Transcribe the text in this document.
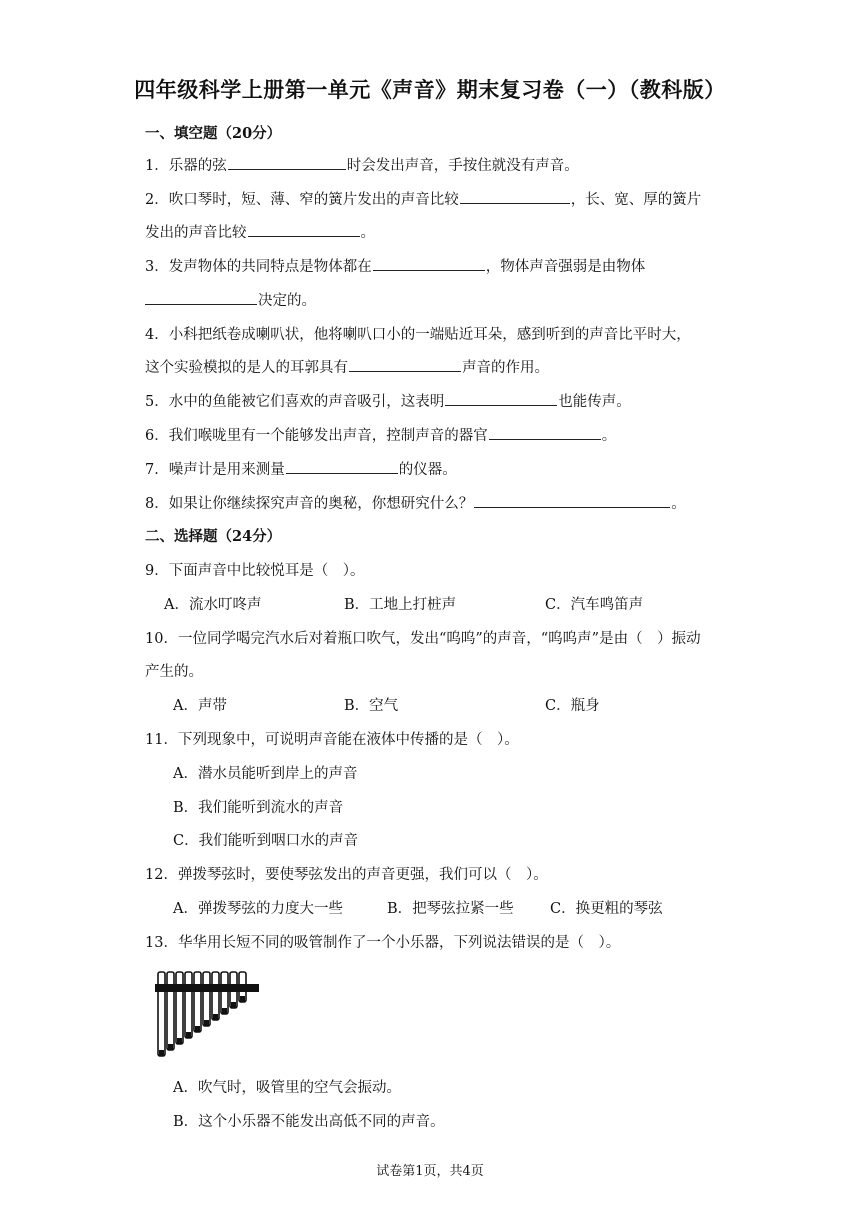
四年级科学上册第一单元《声音》期末复习卷（一）（教科版）
一、填空题（20分）
1．乐器的弦	时会发出声音，手按住就没有声音。
2．吹口琴时，短、薄、窄的簧片发出的声音比较	，长、宽、厚的簧片
发出的声音比较	。
3．发声物体的共同特点是物体都在	，物体声音强弱是由物体
决定的。
4．小科把纸卷成喇叭状，他将喇叭口小的一端贴近耳朵，感到听到的声音比平时大，
这个实验模拟的是人的耳郭具有	声音的作用。
5．水中的鱼能被它们喜欢的声音吸引，这表明	也能传声。
6．我们喉咙里有一个能够发出声音，控制声音的器官	。
7．噪声计是用来测量	的仪器。
8．如果让你继续探究声音的奥秘，你想研究什么？	。
二、选择题（24分）
9．下面声音中比较悦耳是（　）。
A．流水叮咚声	B．工地上打桩声	C．汽车鸣笛声
10．一位同学喝完汽水后对着瓶口吹气，发出“呜呜”的声音，“呜呜声”是由（　）振动
产生的。
A．声带	B．空气	C．瓶身
11．下列现象中，可说明声音能在液体中传播的是（　）。
A．潜水员能听到岸上的声音
B．我们能听到流水的声音
C．我们能听到咽口水的声音
12．弹拨琴弦时，要使琴弦发出的声音更强，我们可以（　）。
A．弹拨琴弦的力度大一些	B．把琴弦拉紧一些	C．换更粗的琴弦
13．华华用长短不同的吸管制作了一个小乐器，下列说法错误的是（　）。
A．吹气时，吸管里的空气会振动。
B．这个小乐器不能发出高低不同的声音。
试卷第1页，共4页
